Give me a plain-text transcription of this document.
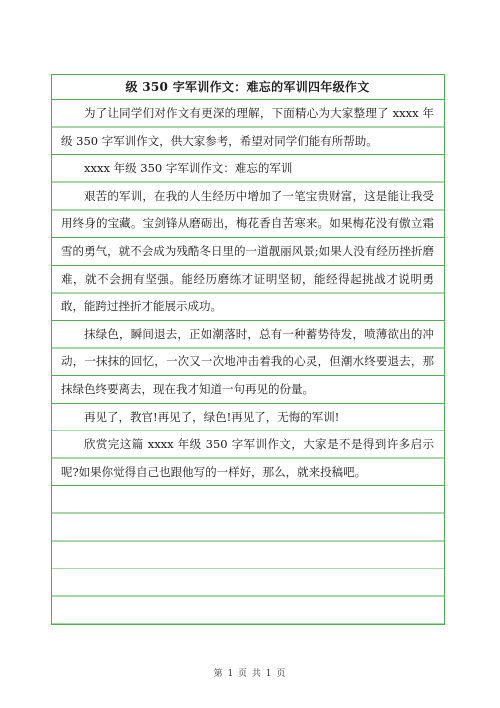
级 350 字军训作文：难忘的军训四年级作文
为了让同学们对作文有更深的理解，下面精心为大家整理了 xxxx 年级 350 字军训作文，供大家参考，希望对同学们能有所帮助。
xxxx 年级 350 字军训作文：难忘的军训
艰苦的军训，在我的人生经历中增加了一笔宝贵财富，这是能让我受用终身的宝藏。宝剑锋从磨砺出，梅花香自苦寒来。如果梅花没有傲立霜雪的勇气，就不会成为残酷冬日里的一道靓丽风景;如果人没有经历挫折磨难，就不会拥有坚强。能经历磨练才证明坚韧，能经得起挑战才说明勇敢，能跨过挫折才能展示成功。
抹绿色，瞬间退去，正如潮落时，总有一种蓄势待发，喷薄欲出的冲动，一抹抹的回忆，一次又一次地冲击着我的心灵，但潮水终要退去，那抹绿色终要离去，现在我才知道一句再见的份量。
再见了，教官!再见了，绿色!再见了，无悔的军训!
欣赏完这篇 xxxx 年级 350 字军训作文，大家是不是得到许多启示呢?如果你觉得自己也跟他写的一样好，那么，就来投稿吧。
第 1 页 共 1 页
